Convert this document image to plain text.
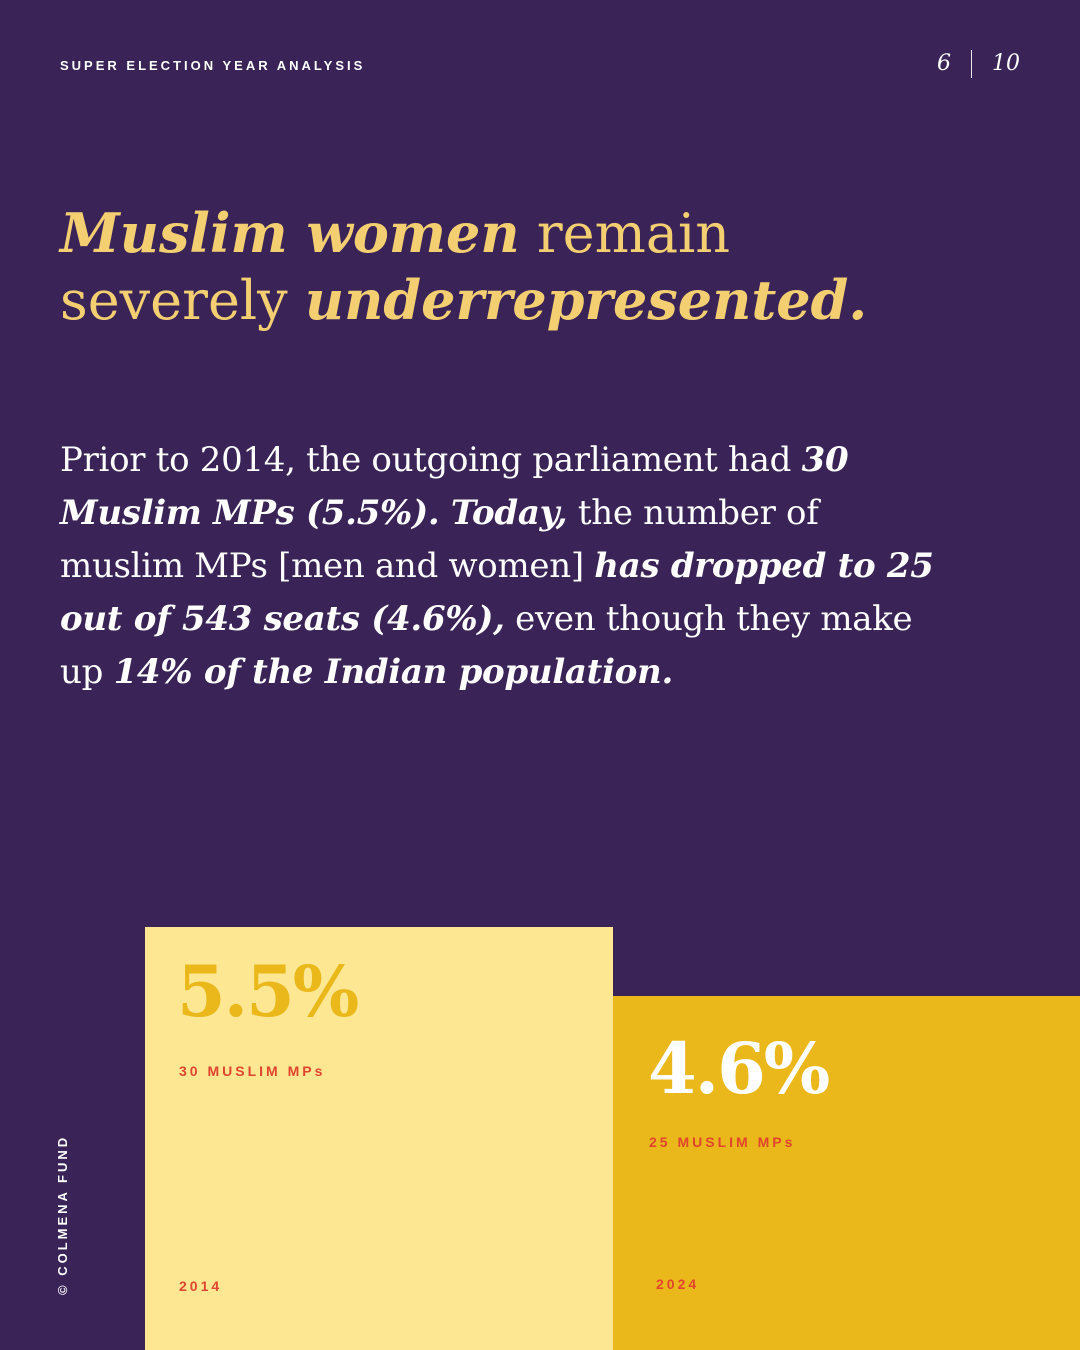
SUPER ELECTION YEAR ANALYSIS	6 10
Muslim women remain severely underrepresented.

Prior to 2014, the outgoing parliament had 30 Muslim MPs (5.5%). Today, the number of muslim MPs [men and women] has dropped to 25 out of 543 seats (4.6%), even though they make up 14% of the Indian population.

© COLMENA FUND
5.5%
30 MUSLIM MPs
2014
4.6%
25 MUSLIM MPs
2024
